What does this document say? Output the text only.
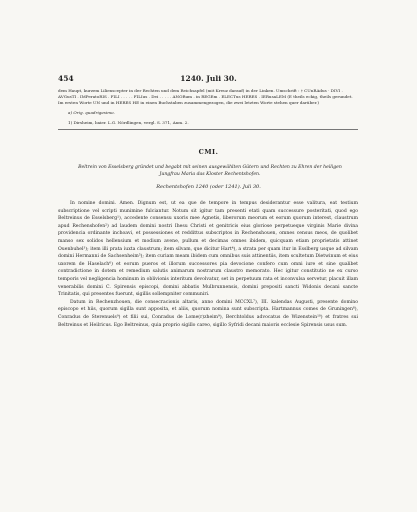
454	1240. Juli 30.

dem Haupt, kurzem Lilienscepter in der Rechten und dem Reichsapfel (mit Kreuz darauf) in der Linken. Umschrift : † CUnRAdus · DIVI . AVGusTI . IMPeratoRIS . FILI . . . . . FILIus . Dei . . . . . ANORum . in REGEm . ELECTus HERES . IERusaLEM (E theils eckig, theils gerundet. Im ersten Worte UN und in HERES HE in einen Buchstaben zusammengezogen, die zwei letzten Worte stehen quer darüber.)

a) Orig. quadrigesimo.

1) Dirsheim, baier. L.G. Nördlingen, vergl. S. 371, Anm. 2.

CMI.
Beltrein von Esselsberg gründet und begabt mit seinen ausgewählten Gütern und Rechten zu Ehren der heiligen Jungfrau Maria das Kloster Rechentshofen.
Rechentshofen 1240 (oder 1241). Juli 30.

In nomine domini. Amen. Dignum est, ut ea que de tempore in tempus desiderantur esse valitura, eat testium subscriptione vel scripti munimine fulciantur. Notum sit igitur tam presenti etati quam successure posteritati, quod ego Beltreinus de Esselsberg¹), accedente consensu uxoris mee Agnetis, liberorum meorum et eorum quorum interest, claustrum apud Rechenshofen²) ad laudem domini nostri Ihesu Christi et genitricis eius gloriose perpetueque virginis Marie divina providencia ordinante inchoavi, et possessiones et reddittus subscriptos in Rechenshouen, omnes census meos, de quolibet manso sex solidos hellensium et modium avene, pullum et decimas omnes ibidem, quicquam etiam proprietatis attinet Ouenbuhel³); item illi prata iuxta claustrum; item silvam, que dicitur Hart⁴), a strata per quam itur in Esslberg usque ad silvam domini Hermanni de Sachsenheim⁵); item curiam meam ibidem cum omnibus suis attinentiis, item scultetum Dietwinum et eius uxorem de Haselach⁶) et eorum pueros et illorum successores pia devocione confero cum omni iure et sine qualibet contradictione in dotem et remedium salutis animarum nostrarum claustro memorato. Hec igitur constitutio ne ex curso temporis vel negligencia hominum in oblivionis interitum devolvatur, set in perpetuum rata et inconvulsa servetur, placuit illam venerabilis domini C. Spirensis episcopi, domini abbatis Mulbrunnensis, domini prepositi sancti Widonis decani sancte Trinitatis, qui presentes fuerunt, sigillis sollempniter communiri.

Datum in Rechenzhouen, die consecracionis altaris, anno domini MCCXL⁷), III. kalendas Augusti, presente domino episcopo et hiis, quorum sigilla sunt apposita, et aliis, quorum nomina sunt subscripta. Hartmannus comes de Gruningen⁸), Conradus de Sterenuels⁹) et filii sui, Conradus de Lome(r)zheim⁹), Berchtoldus advocatus de Wizenstein¹⁰) et fratres sui Beltreinus et Heilricus. Ego Beltreinus, quia proprio sigillo careo, sigillo Syfridi decani maioris ecclesie Spirensis usus sum.
